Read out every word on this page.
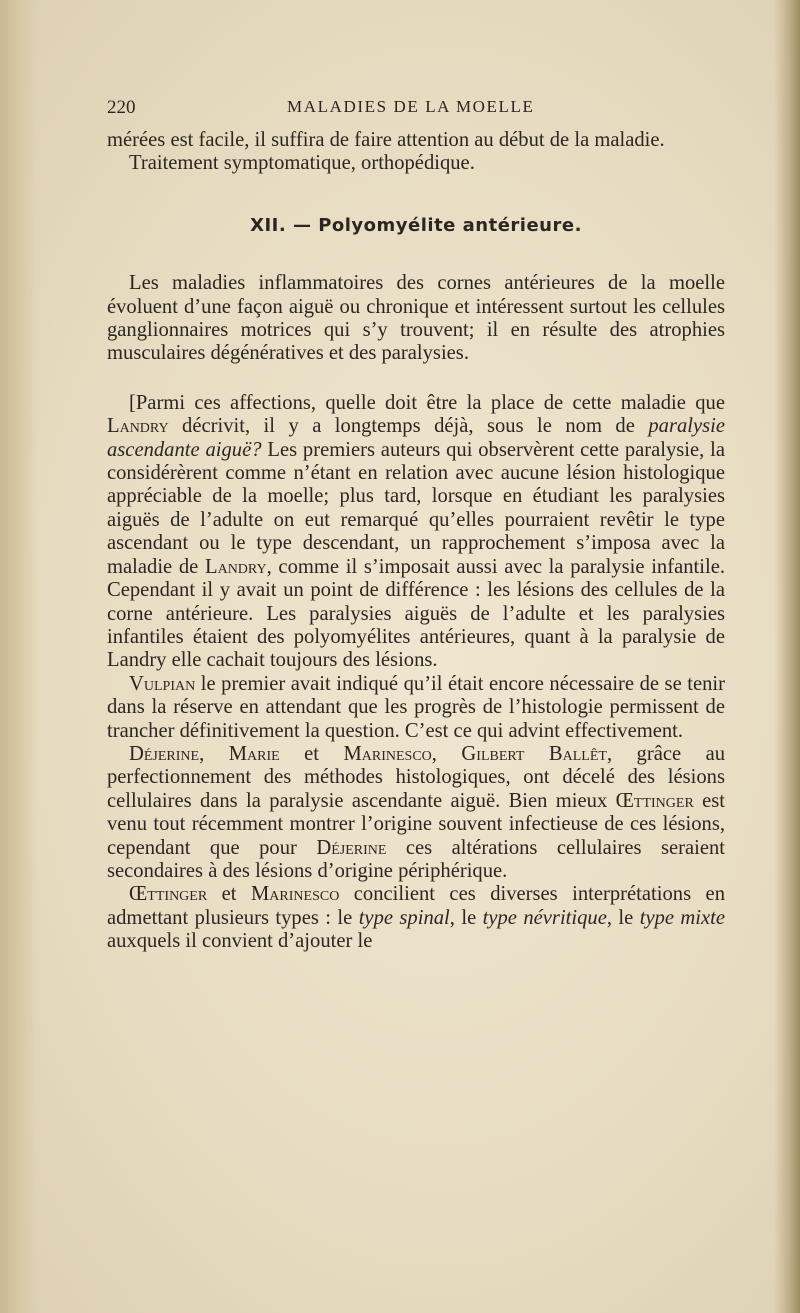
220	MALADIES DE LA MOELLE

mérées est facile, il suffira de faire attention au début de la maladie.

Traitement symptomatique, orthopédique.

XII. — Polyomyélite antérieure.

Les maladies inflammatoires des cornes antérieures de la moelle évoluent d’une façon aiguë ou chronique et intéressent surtout les cellules ganglionnaires motrices qui s’y trouvent; il en résulte des atrophies musculaires dégénératives et des paralysies.

[Parmi ces affections, quelle doit être la place de cette maladie que Landry décrivit, il y a longtemps déjà, sous le nom de paralysie ascendante aiguë? Les premiers auteurs qui observèrent cette paralysie, la considérèrent comme n’étant en relation avec aucune lésion histologique appréciable de la moelle; plus tard, lorsque en étudiant les paralysies aiguës de l’adulte on eut remarqué qu’elles pourraient revêtir le type ascendant ou le type descendant, un rapprochement s’imposa avec la maladie de Landry, comme il s’imposait aussi avec la paralysie infantile. Cependant il y avait un point de différence : les lésions des cellules de la corne antérieure. Les paralysies aiguës de l’adulte et les paralysies infantiles étaient des polyomyélites antérieures, quant à la paralysie de Landry elle cachait toujours des lésions.

Vulpian le premier avait indiqué qu’il était encore nécessaire de se tenir dans la réserve en attendant que les progrès de l’histologie permissent de trancher définitivement la question. C’est ce qui advint effectivement.

Déjerine, Marie et Marinesco, Gilbert Ballêt, grâce au perfectionnement des méthodes histologiques, ont décelé des lésions cellulaires dans la paralysie ascendante aiguë. Bien mieux Œttinger est venu tout récemment montrer l’origine souvent infectieuse de ces lésions, cependant que pour Déjerine ces altérations cellulaires seraient secondaires à des lésions d’origine périphérique.

Œttinger et Marinesco concilient ces diverses interprétations en admettant plusieurs types : le type spinal, le type névritique, le type mixte auxquels il convient d’ajouter le
